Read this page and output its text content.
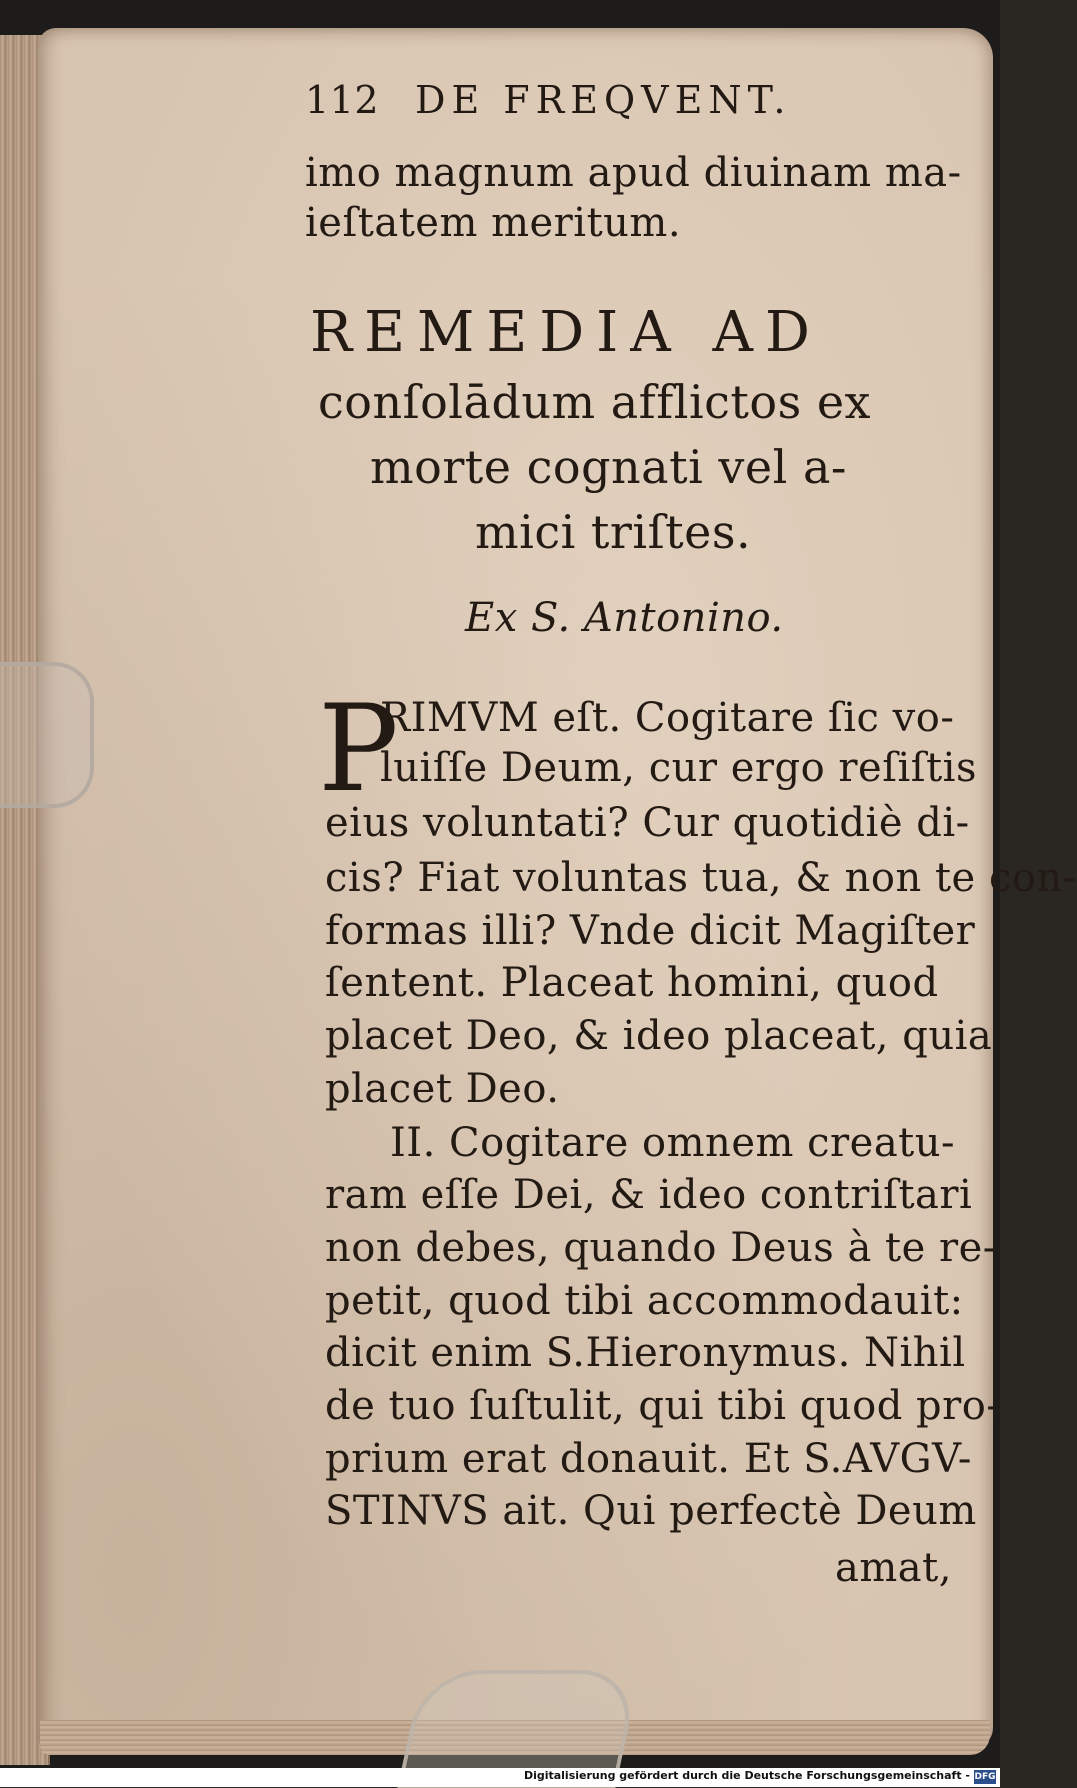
112 DE FREQVENT.
imo magnum apud diuinam ma-
ieſtatem meritum.
REMEDIA AD
conſolādum afflictos ex
morte cognati vel a-
mici triſtes.
Ex S. Antonino.
P
RIMVM eſt. Cogitare ſic vo-
luiſſe Deum, cur ergo reſiſtis
eius voluntati? Cur quotidiè di-
cis? Fiat voluntas tua, & non te con-
formas illi? Vnde dicit Magiſter
ſentent. Placeat homini, quod
placet Deo, & ideo placeat, quia
placet Deo.
II. Cogitare omnem creatu-
ram eſſe Dei, & ideo contriſtari
non debes, quando Deus à te re-
petit, quod tibi accommodauit:
dicit enim S.Hieronymus. Nihil
de tuo ſuſtulit, qui tibi quod pro-
prium erat donauit. Et S.AVGV-
STINVS ait. Qui perfectè Deum
amat,
Digitalisierung gefördert durch die Deutsche Forschungsgemeinschaft - DFG
